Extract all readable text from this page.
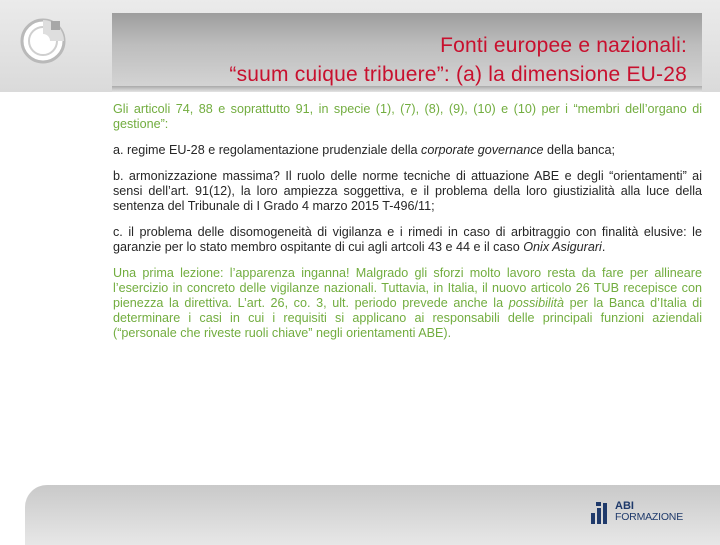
Fonti europee e nazionali:
“suum cuique tribuere”: (a) la dimensione EU-28

Gli articoli 74, 88 e soprattutto 91, in specie (1), (7), (8), (9), (10) e (10) per i “membri dell’organo di gestione”:

a. regime EU-28 e regolamentazione prudenziale della corporate governance della banca;

b. armonizzazione massima? Il ruolo delle norme tecniche di attuazione ABE e degli “orientamenti” ai sensi dell’art. 91(12), la loro ampiezza soggettiva, e il problema della loro giustizialità alla luce della sentenza del Tribunale di I Grado 4 marzo 2015 T-496/11;

c. il problema delle disomogeneità di vigilanza e i rimedi in caso di arbitraggio con finalità elusive: le garanzie per lo stato membro ospitante di cui agli artcoli 43 e 44 e il caso Onix Asigurari.

Una prima lezione: l’apparenza inganna! Malgrado gli sforzi molto lavoro resta da fare per allineare l’esercizio in concreto delle vigilanze nazionali. Tuttavia, in Italia, il nuovo articolo 26 TUB recepisce con pienezza la direttiva. L’art. 26, co. 3, ult. periodo prevede anche la possibilità per la Banca d’Italia di determinare i casi in cui i requisiti si applicano ai responsabili delle principali funzioni aziendali (“personale che riveste ruoli chiave” negli orientamenti ABE).

ABI
FORMAZIONE
